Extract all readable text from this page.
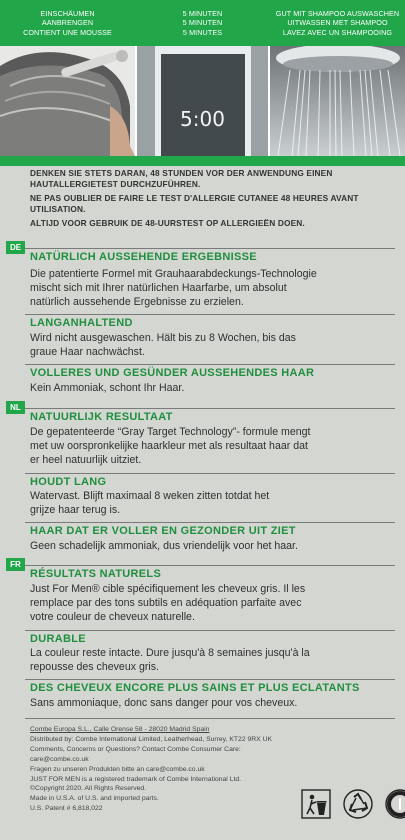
EINSCHÄUMEN
AANBRENGEN
CONTIENT UNE MOUSSE
5 MINUTEN
5 MINUTEN
5 MINUTES
GUT MIT SHAMPOO AUSWASCHEN
UITWASSEN MET SHAMPOO
LAVEZ AVEC UN SHAMPOOING
5:00
DENKEN SIE STETS DARAN, 48 STUNDEN VOR DER ANWENDUNG EINEN HAUTALLERGIETEST DURCHZUFÜHREN.
NE PAS OUBLIER DE FAIRE LE TEST D'ALLERGIE CUTANEE 48 HEURES AVANT UTILISATION.
ALTIJD VOOR GEBRUIK DE 48-UURSTEST OP ALLERGIEËN DOEN.
DE
NL
FR
NATÜRLICH AUSSEHENDE ERGEBNISSE
Die patentierte Formel mit Grauhaarabdeckungs-Technologie
mischt sich mit Ihrer natürlichen Haarfarbe, um absolut
natürlich aussehende Ergebnisse zu erzielen.
LANGANHALTEND
Wird nicht ausgewaschen. Hält bis zu 8 Wochen, bis das
graue Haar nachwächst.
VOLLERES UND GESÜNDER AUSSEHENDES HAAR
Kein Ammoniak, schont Ihr Haar.
NATUURLIJK RESULTAAT
De gepatenteerde “Gray Target Technology”- formule mengt
met uw oorspronkelijke haarkleur met als resultaat haar dat
er heel natuurlijk uitziet.
HOUDT LANG
Watervast. Blijft maximaal 8 weken zitten totdat het
grijze haar terug is.
HAAR DAT ER VOLLER EN GEZONDER UIT ZIET
Geen schadelijk ammoniak, dus vriendelijk voor het haar.
RÉSULTATS NATURELS
Just For Men® cible spécifiquement les cheveux gris. Il les
remplace par des tons subtils en adéquation parfaite avec
votre couleur de cheveux naturelle.
DURABLE
La couleur reste intacte. Dure jusqu'à 8 semaines jusqu'à la
repousse des cheveux gris.
DES CHEVEUX ENCORE PLUS SAINS ET PLUS ECLATANTS
Sans ammoniaque, donc sans danger pour vos cheveux.
Combe Europa S.L., Calle Orense 58 - 28020 Madrid Spain
Distributed by: Combe International Limited, Leatherhead, Surrey, KT22 9RX UK
Comments, Concerns or Questions? Contact Combe Consumer Care: care@combe.co.uk
Fragen zu unseren Produkten bitte an care@combe.co.uk
JUST FOR MEN is a registered trademark of Combe International Ltd.
©Copyright 2020. All Rights Reserved.
Made in U.S.A. of U.S. and imported parts.
U.S. Patent # 6,818,022
